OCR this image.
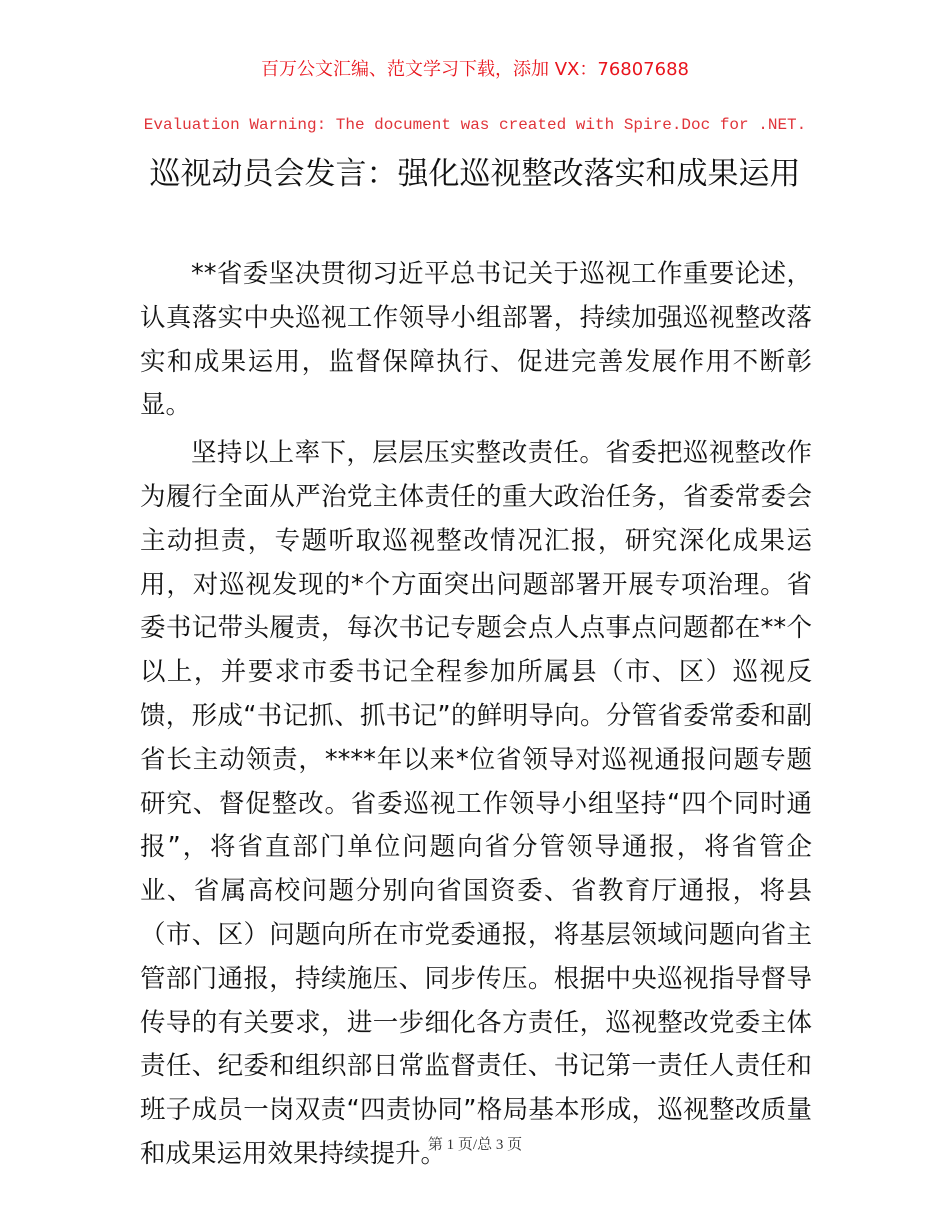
百万公文汇编、范文学习下载，添加 VX：76807688
Evaluation Warning: The document was created with Spire.Doc for .NET.
巡视动员会发言：强化巡视整改落实和成果运用

**省委坚决贯彻习近平总书记关于巡视工作重要论述，认真落实中央巡视工作领导小组部署，持续加强巡视整改落实和成果运用，监督保障执行、促进完善发展作用不断彰显。

坚持以上率下，层层压实整改责任。省委把巡视整改作为履行全面从严治党主体责任的重大政治任务，省委常委会主动担责，专题听取巡视整改情况汇报，研究深化成果运用，对巡视发现的*个方面突出问题部署开展专项治理。省委书记带头履责，每次书记专题会点人点事点问题都在**个以上，并要求市委书记全程参加所属县（市、区）巡视反馈，形成“书记抓、抓书记”的鲜明导向。分管省委常委和副省长主动领责，****年以来*位省领导对巡视通报问题专题研究、督促整改。省委巡视工作领导小组坚持“四个同时通报”，将省直部门单位问题向省分管领导通报，将省管企业、省属高校问题分别向省国资委、省教育厅通报，将县（市、区）问题向所在市党委通报，将基层领域问题向省主管部门通报，持续施压、同步传压。根据中央巡视指导督导传导的有关要求，进一步细化各方责任，巡视整改党委主体责任、纪委和组织部日常监督责任、书记第一责任人责任和班子成员一岗双责“四责协同”格局基本形成，巡视整改质量和成果运用效果持续提升。

第 1 页/总 3 页
